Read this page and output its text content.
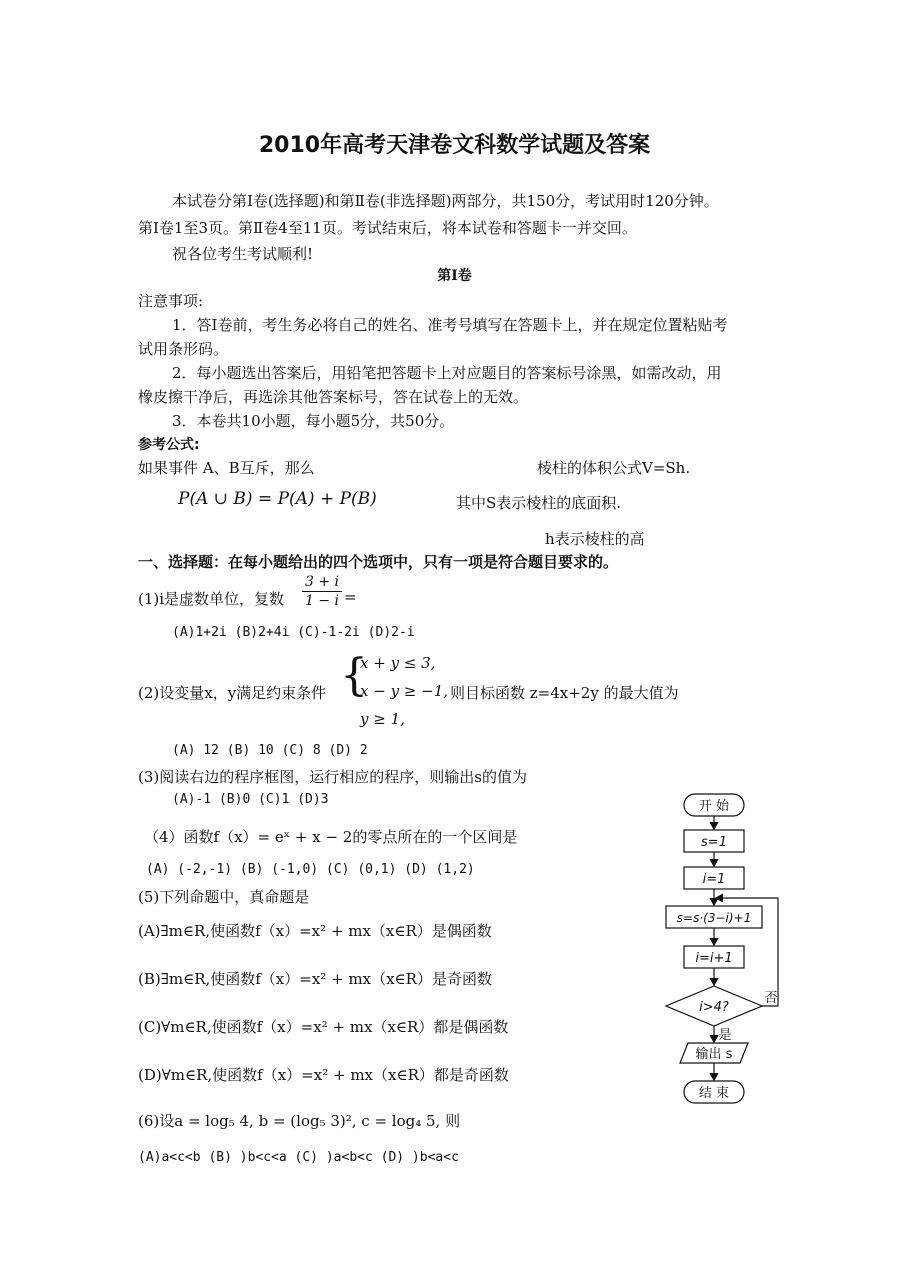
2010年高考天津卷文科数学试题及答案
本试卷分第Ⅰ卷(选择题)和第Ⅱ卷(非选择题)两部分，共150分，考试用时120分钟。
第Ⅰ卷1至3页。第Ⅱ卷4至11页。考试结束后，将本试卷和答题卡一并交回。
祝各位考生考试顺利!
第Ⅰ卷
注意事项:
1．答Ⅰ卷前，考生务必将自己的姓名、准考号填写在答题卡上，并在规定位置粘贴考
试用条形码。
2．每小题选出答案后，用铅笔把答题卡上对应题目的答案标号涂黑，如需改动，用
橡皮擦干净后，再选涂其他答案标号，答在试卷上的无效。
3．本卷共10小题，每小题5分，共50分。
参考公式:
如果事件 A、B互斥，那么
P(A ∪ B) = P(A) + P(B)
棱柱的体积公式V=Sh.
其中S表示棱柱的底面积.
h表示棱柱的高
一、选择题：在每小题给出的四个选项中，只有一项是符合题目要求的。
(1)i是虚数单位，复数
3 + i
1 − i =
(A)1+2i (B)2+4i (C)-1-2i (D)2-i
{
x + y ≤ 3,
x − y ≥ −1,
y ≥ 1,
(2)设变量x，y满足约束条件	则目标函数 z=4x+2y 的最大值为
(A) 12 (B) 10 (C) 8 (D) 2
(3)阅读右边的程序框图，运行相应的程序，则输出s的值为
(A)-1 (B)0 (C)1 (D)3
（4）函数f（x）= eˣ + x − 2的零点所在的一个区间是
(A) (-2,-1) (B) (-1,0) (C) (0,1) (D) (1,2)
(5)下列命题中，真命题是
(A)∃m∈R,使函数f（x）=x² + mx（x∈R）是偶函数
(B)∃m∈R,使函数f（x）=x² + mx（x∈R）是奇函数
(C)∀m∈R,使函数f（x）=x² + mx（x∈R）都是偶函数
(D)∀m∈R,使函数f（x）=x² + mx（x∈R）都是奇函数
(6)设a = log₅ 4, b = (log₅ 3)², c = log₄ 5, 则
(A)a<c<b (B) )b<c<a (C) )a<b<c (D) )b<a<c
开 始
s=1
i=1
s=s·(3−i)+1
i=i+1
i>4?
否
是
输出 s
结 束
